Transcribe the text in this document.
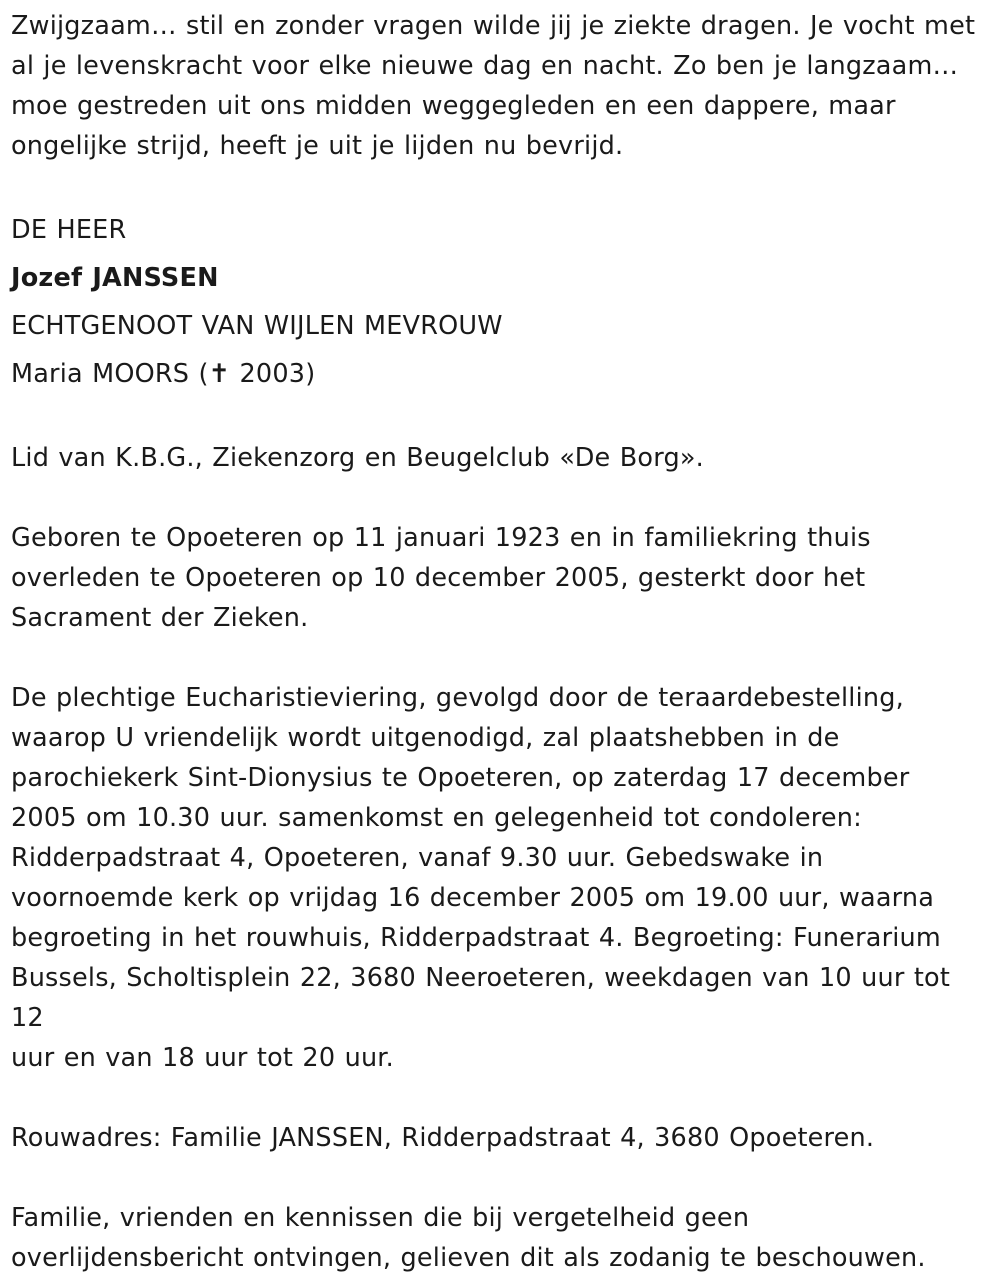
Zwijgzaam… stil en zonder vragen wilde jij je ziekte dragen. Je vocht met
al je levenskracht voor elke nieuwe dag en nacht. Zo ben je langzaam…
moe gestreden uit ons midden weggegleden en een dappere, maar
ongelijke strijd, heeft je uit je lijden nu bevrijd.

DE HEER

Jozef JANSSEN

ECHTGENOOT VAN WIJLEN MEVROUW

Maria MOORS (✝ 2003)

Lid van K.B.G., Ziekenzorg en Beugelclub «De Borg».

Geboren te Opoeteren op 11 januari 1923 en in familiekring thuis
overleden te Opoeteren op 10 december 2005, gesterkt door het
Sacrament der Zieken.

De plechtige Eucharistieviering, gevolgd door de teraardebestelling,
waarop U vriendelijk wordt uitgenodigd, zal plaatshebben in de
parochiekerk Sint-Dionysius te Opoeteren, op zaterdag 17 december
2005 om 10.30 uur. samenkomst en gelegenheid tot condoleren:
Ridderpadstraat 4, Opoeteren, vanaf 9.30 uur. Gebedswake in
voornoemde kerk op vrijdag 16 december 2005 om 19.00 uur, waarna
begroeting in het rouwhuis, Ridderpadstraat 4. Begroeting: Funerarium
Bussels, Scholtisplein 22, 3680 Neeroeteren, weekdagen van 10 uur tot 12
uur en van 18 uur tot 20 uur.

Rouwadres: Familie JANSSEN, Ridderpadstraat 4, 3680 Opoeteren.

Familie, vrienden en kennissen die bij vergetelheid geen
overlijdensbericht ontvingen, gelieven dit als zodanig te beschouwen.
